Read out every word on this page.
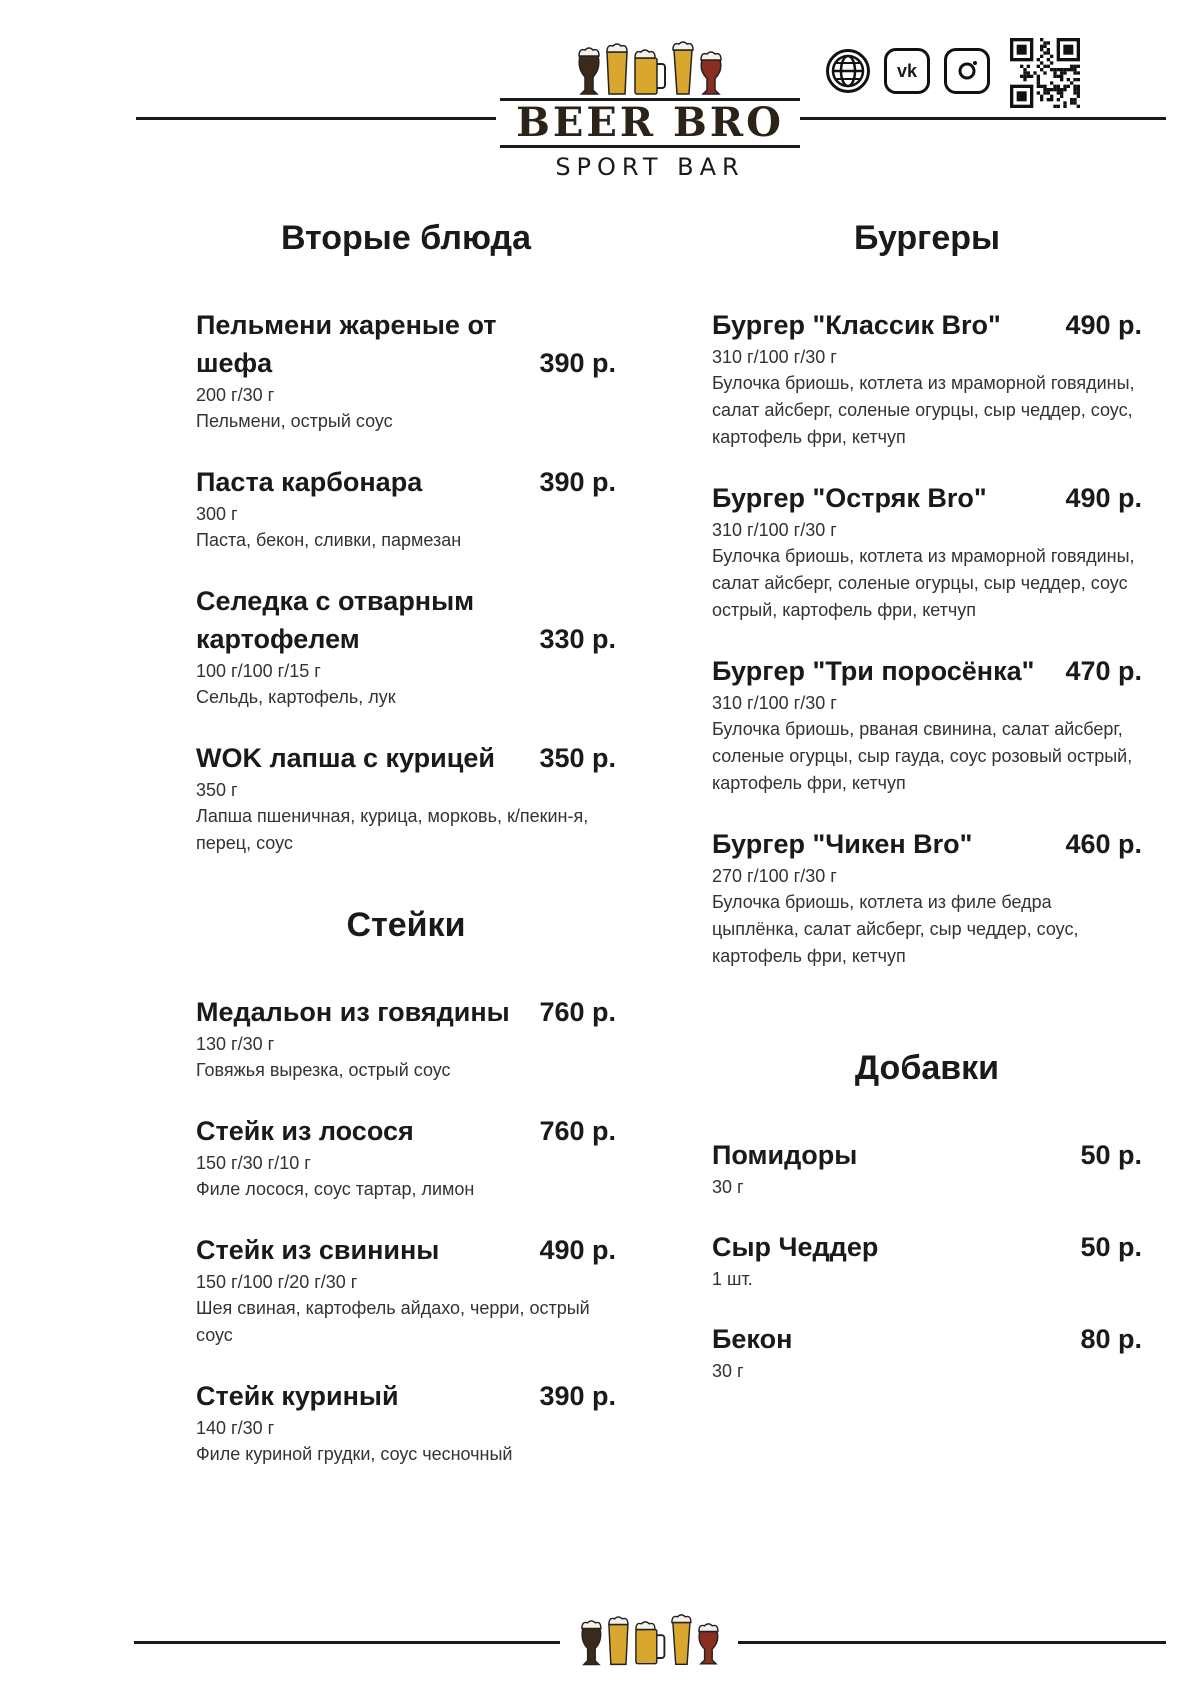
BEER BRO
SPORT BAR
vk
Вторые блюда
Пельмени жареные от шефа	390 р.
200 г/30 г
Пельмени, острый соус
Паста карбонара	390 р.
300 г
Паста, бекон, сливки, пармезан
Селедка с отварным картофелем	330 р.
100 г/100 г/15 г
Сельдь, картофель, лук
WOK лапша с курицей	350 р.
350 г
Лапша пшеничная, курица, морковь, к/пекин-я, перец, соус
Стейки
Медальон из говядины	760 р.
130 г/30 г
Говяжья вырезка, острый соус
Стейк из лосося	760 р.
150 г/30 г/10 г
Филе лосося, соус тартар, лимон
Стейк из свинины	490 р.
150 г/100 г/20 г/30 г
Шея свиная, картофель айдахо, черри, острый соус
Стейк куриный	390 р.
140 г/30 г
Филе куриной грудки, соус чесночный
Бургеры
Бургер "Классик Bro"	490 р.
310 г/100 г/30 г
Булочка бриошь, котлета из мраморной говядины, салат айсберг, соленые огурцы, сыр чеддер, соус, картофель фри, кетчуп
Бургер "Остряк Bro"	490 р.
310 г/100 г/30 г
Булочка бриошь, котлета из мраморной говядины, салат айсберг, соленые огурцы, сыр чеддер, соус острый, картофель фри, кетчуп
Бургер "Три поросёнка"	470 р.
310 г/100 г/30 г
Булочка бриошь, рваная свинина, салат айсберг, соленые огурцы, сыр гауда, соус розовый острый, картофель фри, кетчуп
Бургер "Чикен Bro"	460 р.
270 г/100 г/30 г
Булочка бриошь, котлета из филе бедра цыплёнка, салат айсберг, сыр чеддер, соус, картофель фри, кетчуп
Добавки
Помидоры	50 р.
30 г
Сыр Чеддер	50 р.
1 шт.
Бекон	80 р.
30 г
